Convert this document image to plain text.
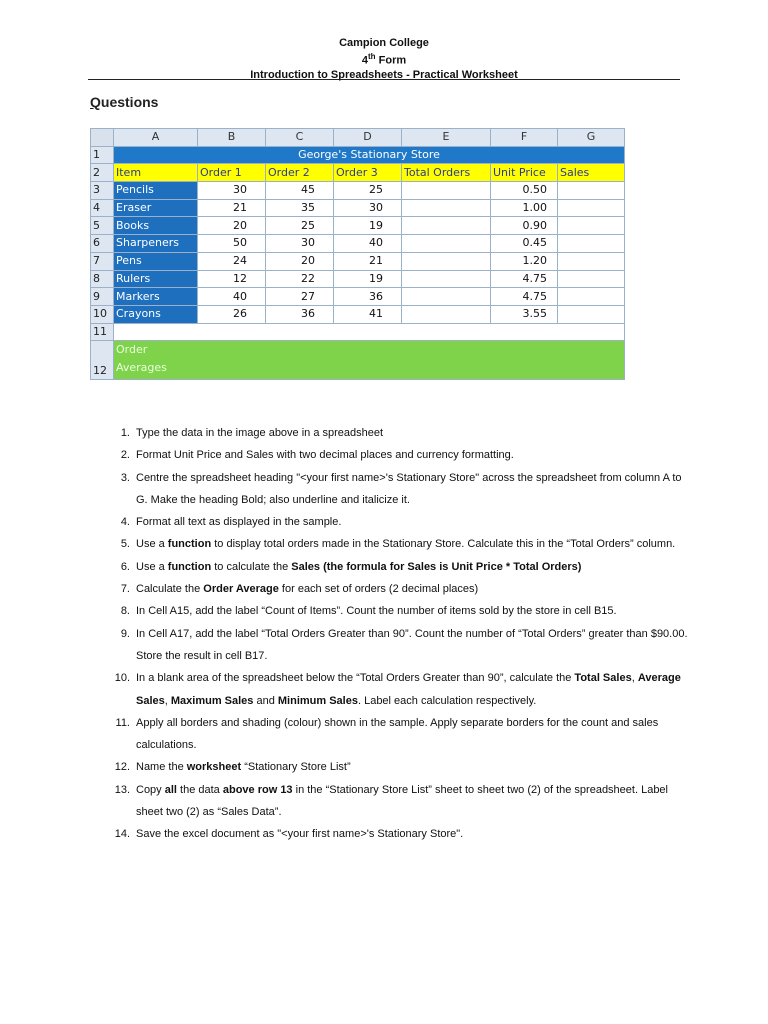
Campion College
4th Form
Introduction to Spreadsheets - Practical Worksheet
Questions
	A	B	C	D	E	F	G
1	George's Stationary Store						
2	Item	Order 1	Order 2	Order 3	Total Orders	Unit Price	Sales
3	Pencils	30	45	25		0.50	
4	Eraser	21	35	30		1.00	
5	Books	20	25	19		0.90	
6	Sharpeners	50	30	40		0.45	
7	Pens	24	20	21		1.20	
8	Rulers	12	22	19		4.75	
9	Markers	40	27	36		4.75	
10	Crayons	26	36	41		3.55	
11							
12	Order
Averages						
1. Type the data in the image above in a spreadsheet
2. Format Unit Price and Sales with two decimal places and currency formatting.
3. Centre the spreadsheet heading "<your first name>'s Stationary Store" across the spreadsheet from column A to G. Make the heading Bold; also underline and italicize it.
4. Format all text as displayed in the sample.
5. Use a function to display total orders made in the Stationary Store. Calculate this in the “Total Orders” column.
6. Use a function to calculate the Sales (the formula for Sales is Unit Price * Total Orders)
7. Calculate the Order Average for each set of orders (2 decimal places)
8. In Cell A15, add the label “Count of Items”. Count the number of items sold by the store in cell B15.
9. In Cell A17, add the label “Total Orders Greater than 90”. Count the number of “Total Orders” greater than $90.00. Store the result in cell B17.
10. In a blank area of the spreadsheet below the “Total Orders Greater than 90”, calculate the Total Sales, Average Sales, Maximum Sales and Minimum Sales. Label each calculation respectively.
11. Apply all borders and shading (colour) shown in the sample. Apply separate borders for the count and sales calculations.
12. Name the worksheet “Stationary Store List”
13. Copy all the data above row 13 in the “Stationary Store List” sheet to sheet two (2) of the spreadsheet. Label sheet two (2) as “Sales Data”.
14. Save the excel document as "<your first name>'s Stationary Store".
